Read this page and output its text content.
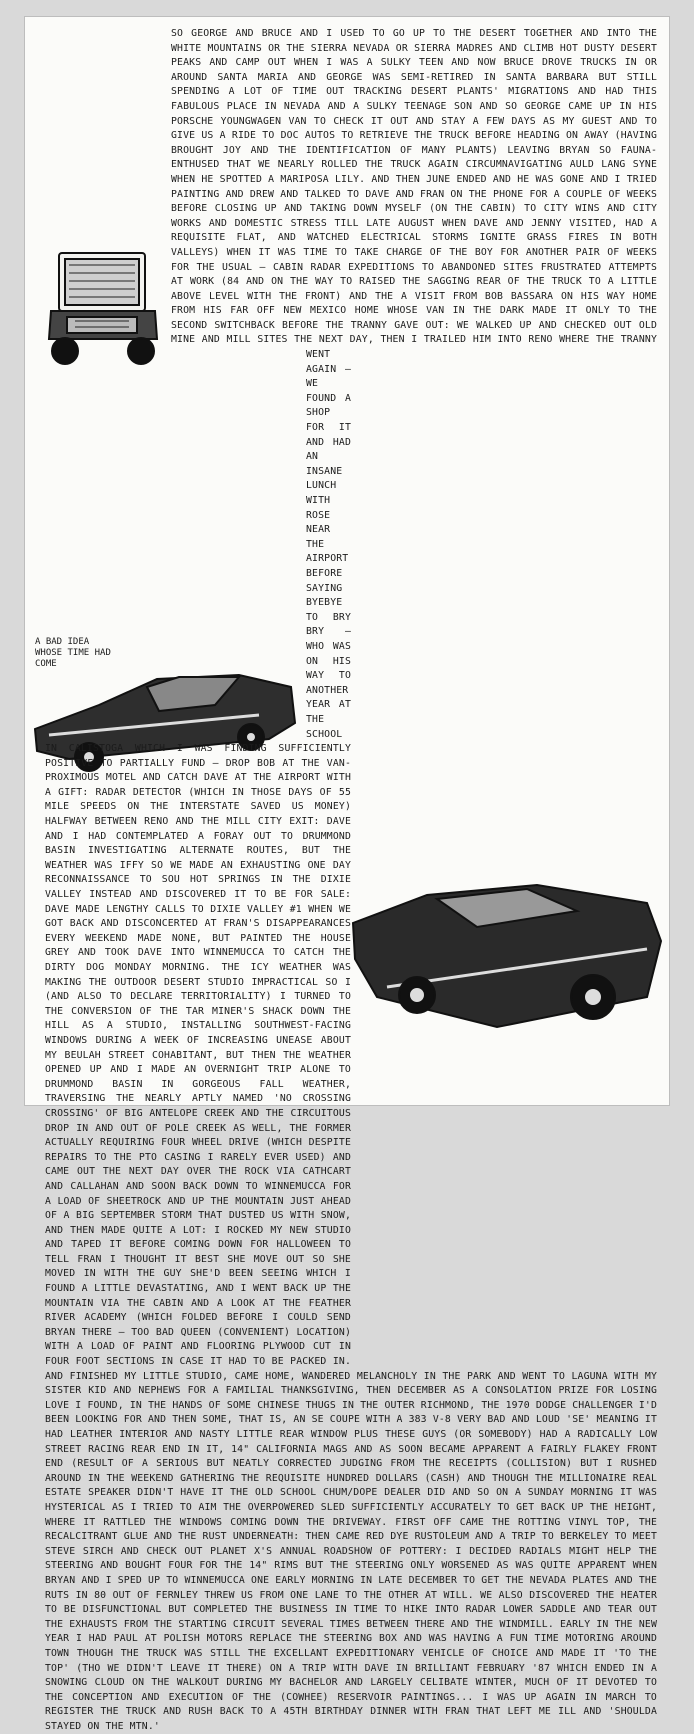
A BAD IDEA WHOSE TIME HAD COME
SO GEORGE AND BRUCE AND I USED TO GO UP TO THE DESERT TOGETHER AND INTO THE WHITE MOUNTAINS OR THE SIERRA NEVADA OR SIERRA MADRES AND CLIMB HOT DUSTY DESERT PEAKS AND CAMP OUT WHEN I WAS A SULKY TEEN AND NOW BRUCE DROVE TRUCKS IN OR AROUND SANTA MARIA AND GEORGE WAS SEMI-RETIRED IN SANTA BARBARA BUT STILL SPENDING A LOT OF TIME OUT TRACKING DESERT PLANTS' MIGRATIONS AND HAD THIS FABULOUS PLACE IN NEVADA AND A SULKY TEENAGE SON AND SO GEORGE CAME UP IN HIS PORSCHE YOUNGWAGEN VAN TO CHECK IT OUT AND STAY A FEW DAYS AS MY GUEST AND TO GIVE US A RIDE TO DOC AUTOS TO RETRIEVE THE TRUCK BEFORE HEADING ON AWAY (HAVING BROUGHT JOY AND THE IDENTIFICATION OF MANY PLANTS) LEAVING BRYAN SO FAUNA-ENTHUSED THAT WE NEARLY ROLLED THE TRUCK AGAIN CIRCUMNAVIGATING AULD LANG SYNE WHEN HE SPOTTED A MARIPOSA LILY. AND THEN JUNE ENDED AND HE WAS GONE AND I TRIED PAINTING AND DREW AND TALKED TO DAVE AND FRAN ON THE PHONE FOR A COUPLE OF WEEKS BEFORE CLOSING UP AND TAKING DOWN MYSELF (ON THE CABIN) TO CITY WINS AND CITY WORKS AND DOMESTIC STRESS TILL LATE AUGUST WHEN DAVE AND JENNY VISITED, HAD A REQUISITE FLAT, AND WATCHED ELECTRICAL STORMS IGNITE GRASS FIRES IN BOTH VALLEYS) WHEN IT WAS TIME TO TAKE CHARGE OF THE BOY FOR ANOTHER PAIR OF WEEKS FOR THE USUAL — CABIN RADAR EXPEDITIONS TO ABANDONED SITES FRUSTRATED ATTEMPTS AT WORK (84 AND ON THE WAY TO RAISED THE SAGGING REAR OF THE TRUCK TO A LITTLE ABOVE LEVEL WITH THE FRONT) AND THE A VISIT FROM BOB BASSARA ON HIS WAY HOME FROM HIS FAR OFF NEW MEXICO HOME WHOSE VAN IN THE DARK MADE IT ONLY TO THE SECOND SWITCHBACK BEFORE THE TRANNY GAVE OUT: WE WALKED UP AND CHECKED OUT OLD MINE AND MILL SITES THE NEXT DAY, THEN I TRAILED HIM INTO RENO WHERE THE TRANNY WENT AGAIN — WE FOUND A SHOP FOR IT AND HAD AN INSANE LUNCH WITH ROSE NEAR THE AIRPORT BEFORE SAYING BYEBYE TO BRY BRY — WHO WAS ON HIS WAY TO ANOTHER YEAR AT THE SCHOOL IN CALISTOGA WHICH I WAS FINDING SUFFICIENTLY POSITIVE TO PARTIALLY FUND — DROP BOB AT THE VAN-PROXIMOUS MOTEL AND CATCH DAVE AT THE AIRPORT WITH A GIFT: RADAR DETECTOR (WHICH IN THOSE DAYS OF 55 MILE SPEEDS ON THE INTERSTATE SAVED US MONEY) HALFWAY BETWEEN RENO AND THE MILL CITY EXIT: DAVE AND I HAD CONTEMPLATED A FORAY OUT TO DRUMMOND BASIN INVESTIGATING ALTERNATE ROUTES, BUT THE WEATHER WAS IFFY SO WE MADE AN EXHAUSTING ONE DAY RECONNAISSANCE TO SOU HOT SPRINGS IN THE DIXIE VALLEY INSTEAD AND DISCOVERED IT TO BE FOR SALE: DAVE MADE LENGTHY CALLS TO DIXIE VALLEY #1 WHEN WE GOT BACK AND DISCONCERTED AT FRAN'S DISAPPEARANCES EVERY WEEKEND MADE NONE, BUT PAINTED THE HOUSE GREY AND TOOK DAVE INTO WINNEMUCCA TO CATCH THE DIRTY DOG MONDAY MORNING. THE ICY WEATHER WAS MAKING THE OUTDOOR DESERT STUDIO IMPRACTICAL SO I (AND ALSO TO DECLARE TERRITORIALITY) I TURNED TO THE CONVERSION OF THE TAR MINER'S SHACK DOWN THE HILL AS A STUDIO, INSTALLING SOUTHWEST-FACING WINDOWS DURING A WEEK OF INCREASING UNEASE ABOUT MY BEULAH STREET COHABITANT, BUT THEN THE WEATHER OPENED UP AND I MADE AN OVERNIGHT TRIP ALONE TO DRUMMOND BASIN IN GORGEOUS FALL WEATHER, TRAVERSING THE NEARLY APTLY NAMED 'NO CROSSING CROSSING' OF BIG ANTELOPE CREEK AND THE CIRCUITOUS DROP IN AND OUT OF POLE CREEK AS WELL, THE FORMER ACTUALLY REQUIRING FOUR WHEEL DRIVE (WHICH DESPITE REPAIRS TO THE PTO CASING I RARELY EVER USED) AND CAME OUT THE NEXT DAY OVER THE ROCK VIA CATHCART AND CALLAHAN AND SOON BACK DOWN TO WINNEMUCCA FOR A LOAD OF SHEETROCK AND UP THE MOUNTAIN JUST AHEAD OF A BIG SEPTEMBER STORM THAT DUSTED US WITH SNOW, AND THEN MADE QUITE A LOT: I ROCKED MY NEW STUDIO AND TAPED IT BEFORE COMING DOWN FOR HALLOWEEN TO TELL FRAN I THOUGHT IT BEST SHE MOVE OUT SO SHE MOVED IN WITH THE GUY SHE'D BEEN SEEING WHICH I FOUND A LITTLE DEVASTATING, AND I WENT BACK UP THE MOUNTAIN VIA THE CABIN AND A LOOK AT THE FEATHER RIVER ACADEMY (WHICH FOLDED BEFORE I COULD SEND BRYAN THERE — TOO BAD QUEEN (CONVENIENT) LOCATION) WITH A LOAD OF PAINT AND FLOORING PLYWOOD CUT IN FOUR FOOT SECTIONS IN CASE IT HAD TO BE PACKED IN. AND FINISHED MY LITTLE STUDIO, CAME HOME, WANDERED MELANCHOLY IN THE PARK AND WENT TO LAGUNA WITH MY SISTER KID AND NEPHEWS FOR A FAMILIAL THANKSGIVING, THEN DECEMBER AS A CONSOLATION PRIZE FOR LOSING LOVE I FOUND, IN THE HANDS OF SOME CHINESE THUGS IN THE OUTER RICHMOND, THE 1970 DODGE CHALLENGER I'D BEEN LOOKING FOR AND THEN SOME, THAT IS, AN SE COUPE WITH A 383 V-8 VERY BAD AND LOUD 'SE' MEANING IT HAD LEATHER INTERIOR AND NASTY LITTLE REAR WINDOW PLUS THESE GUYS (OR SOMEBODY) HAD A RADICALLY LOW STREET RACING REAR END IN IT, 14" CALIFORNIA MAGS AND AS SOON BECAME APPARENT A FAIRLY FLAKEY FRONT END (RESULT OF A SERIOUS BUT NEATLY CORRECTED JUDGING FROM THE RECEIPTS (COLLISION) BUT I RUSHED AROUND IN THE WEEKEND GATHERING THE REQUISITE HUNDRED DOLLARS (CASH) AND THOUGH THE MILLIONAIRE REAL ESTATE SPEAKER DIDN'T HAVE IT THE OLD SCHOOL CHUM/DOPE DEALER DID AND SO ON A SUNDAY MORNING IT WAS HYSTERICAL AS I TRIED TO AIM THE OVERPOWERED SLED SUFFICIENTLY ACCURATELY TO GET BACK UP THE HEIGHT, WHERE IT RATTLED THE WINDOWS COMING DOWN THE DRIVEWAY. FIRST OFF CAME THE ROTTING VINYL TOP, THE RECALCITRANT GLUE AND THE RUST UNDERNEATH: THEN CAME RED DYE RUSTOLEUM AND A TRIP TO BERKELEY TO MEET STEVE SIRCH AND CHECK OUT PLANET X'S ANNUAL ROADSHOW OF POTTERY: I DECIDED RADIALS MIGHT HELP THE STEERING AND BOUGHT FOUR FOR THE 14" RIMS BUT THE STEERING ONLY WORSENED AS WAS QUITE APPARENT WHEN BRYAN AND I SPED UP TO WINNEMUCCA ONE EARLY MORNING IN LATE DECEMBER TO GET THE NEVADA PLATES AND THE RUTS IN 80 OUT OF FERNLEY THREW US FROM ONE LANE TO THE OTHER AT WILL. WE ALSO DISCOVERED THE HEATER TO BE DISFUNCTIONAL BUT COMPLETED THE BUSINESS IN TIME TO HIKE INTO RADAR LOWER SADDLE AND TEAR OUT THE EXHAUSTS FROM THE STARTING CIRCUIT SEVERAL TIMES BETWEEN THERE AND THE WINDMILL. EARLY IN THE NEW YEAR I HAD PAUL AT POLISH MOTORS REPLACE THE STEERING BOX AND WAS HAVING A FUN TIME MOTORING AROUND TOWN THOUGH THE TRUCK WAS STILL THE EXCELLANT EXPEDITIONARY VEHICLE OF CHOICE AND MADE IT 'TO THE TOP' (THO WE DIDN'T LEAVE IT THERE) ON A TRIP WITH DAVE IN BRILLIANT FEBRUARY '87 WHICH ENDED IN A SNOWING CLOUD ON THE WALKOUT DURING MY BACHELOR AND LARGELY CELIBATE WINTER, MUCH OF IT DEVOTED TO THE CONCEPTION AND EXECUTION OF THE (COWHEE) RESERVOIR PAINTINGS... I WAS UP AGAIN IN MARCH TO REGISTER THE TRUCK AND RUSH BACK TO A 45TH BIRTHDAY DINNER WITH FRAN THAT LEFT ME ILL AND 'SHOULDA STAYED ON THE MTN.'
